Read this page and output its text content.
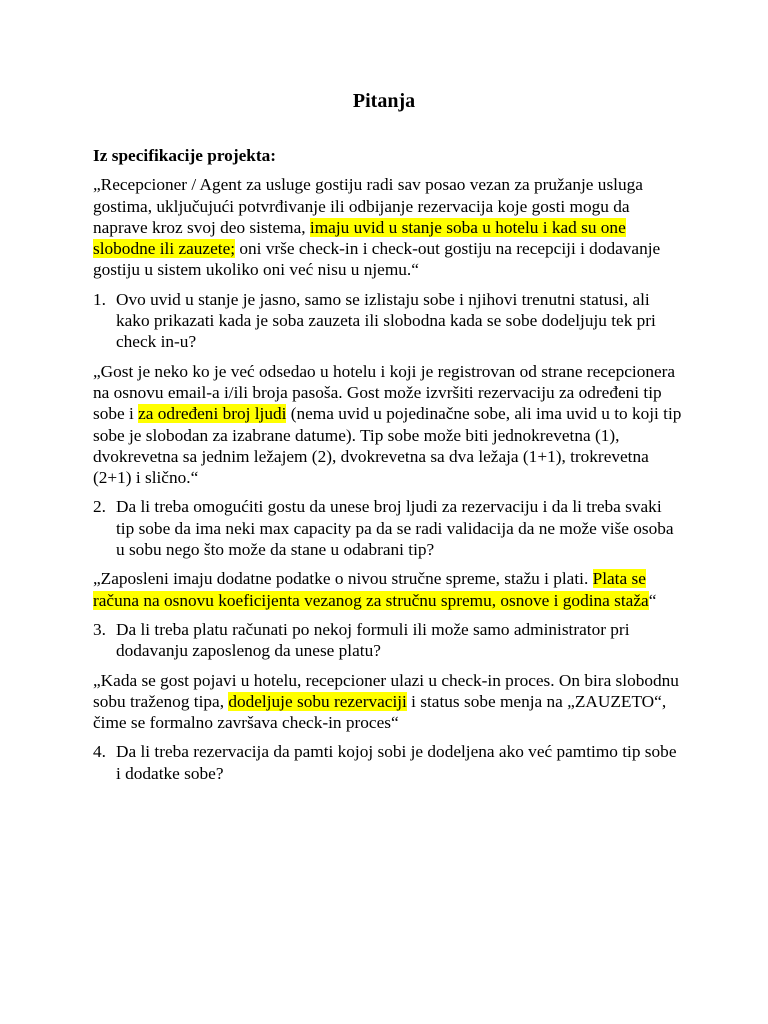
Pitanja

Iz specifikacije projekta:

„Recepcioner / Agent za usluge gostiju radi sav posao vezan za pružanje usluga gostima, uključujući potvrđivanje ili odbijanje rezervacija koje gosti mogu da naprave kroz svoj deo sistema, imaju uvid u stanje soba u hotelu i kad su one slobodne ili zauzete; oni vrše check-in i check-out gostiju na recepciji i dodavanje gostiju u sistem ukoliko oni već nisu u njemu.“

1. Ovo uvid u stanje je jasno, samo se izlistaju sobe i njihovi trenutni statusi, ali kako prikazati kada je soba zauzeta ili slobodna kada se sobe dodeljuju tek pri check in-u?

„Gost je neko ko je već odsedao u hotelu i koji je registrovan od strane recepcionera na osnovu email-a i/ili broja pasoša. Gost može izvršiti rezervaciju za određeni tip sobe i za određeni broj ljudi (nema uvid u pojedinačne sobe, ali ima uvid u to koji tip sobe je slobodan za izabrane datume). Tip sobe može biti jednokrevetna (1), dvokrevetna sa jednim ležajem (2), dvokrevetna sa dva ležaja (1+1), trokrevetna (2+1) i slično.“

2. Da li treba omogućiti gostu da unese broj ljudi za rezervaciju i da li treba svaki tip sobe da ima neki max capacity pa da se radi validacija da ne može više osoba u sobu nego što može da stane u odabrani tip?

„Zaposleni imaju dodatne podatke o nivou stručne spreme, stažu i plati. Plata se računa na osnovu koeficijenta vezanog za stručnu spremu, osnove i godina staža“

3. Da li treba platu računati po nekoj formuli ili može samo administrator pri dodavanju zaposlenog da unese platu?

„Kada se gost pojavi u hotelu, recepcioner ulazi u check-in proces. On bira slobodnu sobu traženog tipa, dodeljuje sobu rezervaciji i status sobe menja na „ZAUZETO“, čime se formalno završava check-in proces“

4. Da li treba rezervacija da pamti kojoj sobi je dodeljena ako već pamtimo tip sobe i dodatke sobe?
